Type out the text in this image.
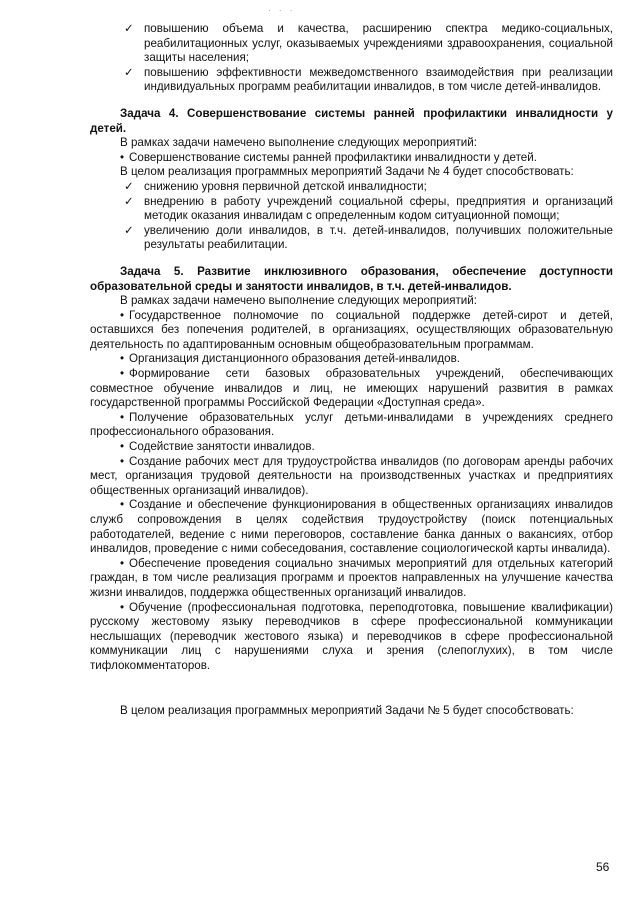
· · ·
✓ повышению объема и качества, расширению спектра медико-социальных, реабилитационных услуг, оказываемых учреждениями здравоохранения, социальной защиты населения;
✓ повышению эффективности межведомственного взаимодействия при реализации индивидуальных программ реабилитации инвалидов, в том числе детей-инвалидов.

Задача 4. Совершенствование системы ранней профилактики инвалидности у детей.

В рамках задачи намечено выполнение следующих мероприятий:

• Совершенствование системы ранней профилактики инвалидности у детей.

В целом реализация программных мероприятий Задачи № 4 будет способствовать:

✓ снижению уровня первичной детской инвалидности;
✓ внедрению в работу учреждений социальной сферы, предприятия и организаций методик оказания инвалидам с определенным кодом ситуационной помощи;
✓ увеличению доли инвалидов, в т.ч. детей-инвалидов, получивших положительные результаты реабилитации.

Задача 5. Развитие инклюзивного образования, обеспечение доступности образовательной среды и занятости инвалидов, в т.ч. детей-инвалидов.

В рамках задачи намечено выполнение следующих мероприятий:

• Государственное полномочие по социальной поддержке детей-сирот и детей, оставшихся без попечения родителей, в организациях, осуществляющих образовательную деятельность по адаптированным основным общеобразовательным программам.

• Организация дистанционного образования детей-инвалидов.

• Формирование сети базовых образовательных учреждений, обеспечивающих совместное обучение инвалидов и лиц, не имеющих нарушений развития в рамках государственной программы Российской Федерации «Доступная среда».

• Получение образовательных услуг детьми-инвалидами в учреждениях среднего профессионального образования.

• Содействие занятости инвалидов.

• Создание рабочих мест для трудоустройства инвалидов (по договорам аренды рабочих мест, организация трудовой деятельности на производственных участках и предприятиях общественных организаций инвалидов).

• Создание и обеспечение функционирования в общественных организациях инвалидов служб сопровождения в целях содействия трудоустройству (поиск потенциальных работодателей, ведение с ними переговоров, составление банка данных о вакансиях, отбор инвалидов, проведение с ними собеседования, составление социологической карты инвалида).

• Обеспечение проведения социально значимых мероприятий для отдельных категорий граждан, в том числе реализация программ и проектов направленных на улучшение качества жизни инвалидов, поддержка общественных организаций инвалидов.

• Обучение (профессиональная подготовка, переподготовка, повышение квалификации) русскому жестовому языку переводчиков в сфере профессиональной коммуникации неслышащих (переводчик жестового языка) и переводчиков в сфере профессиональной коммуникации лиц с нарушениями слуха и зрения (слепоглухих), в том числе тифлокомментаторов.

В целом реализация программных мероприятий Задачи № 5 будет способствовать:

56
